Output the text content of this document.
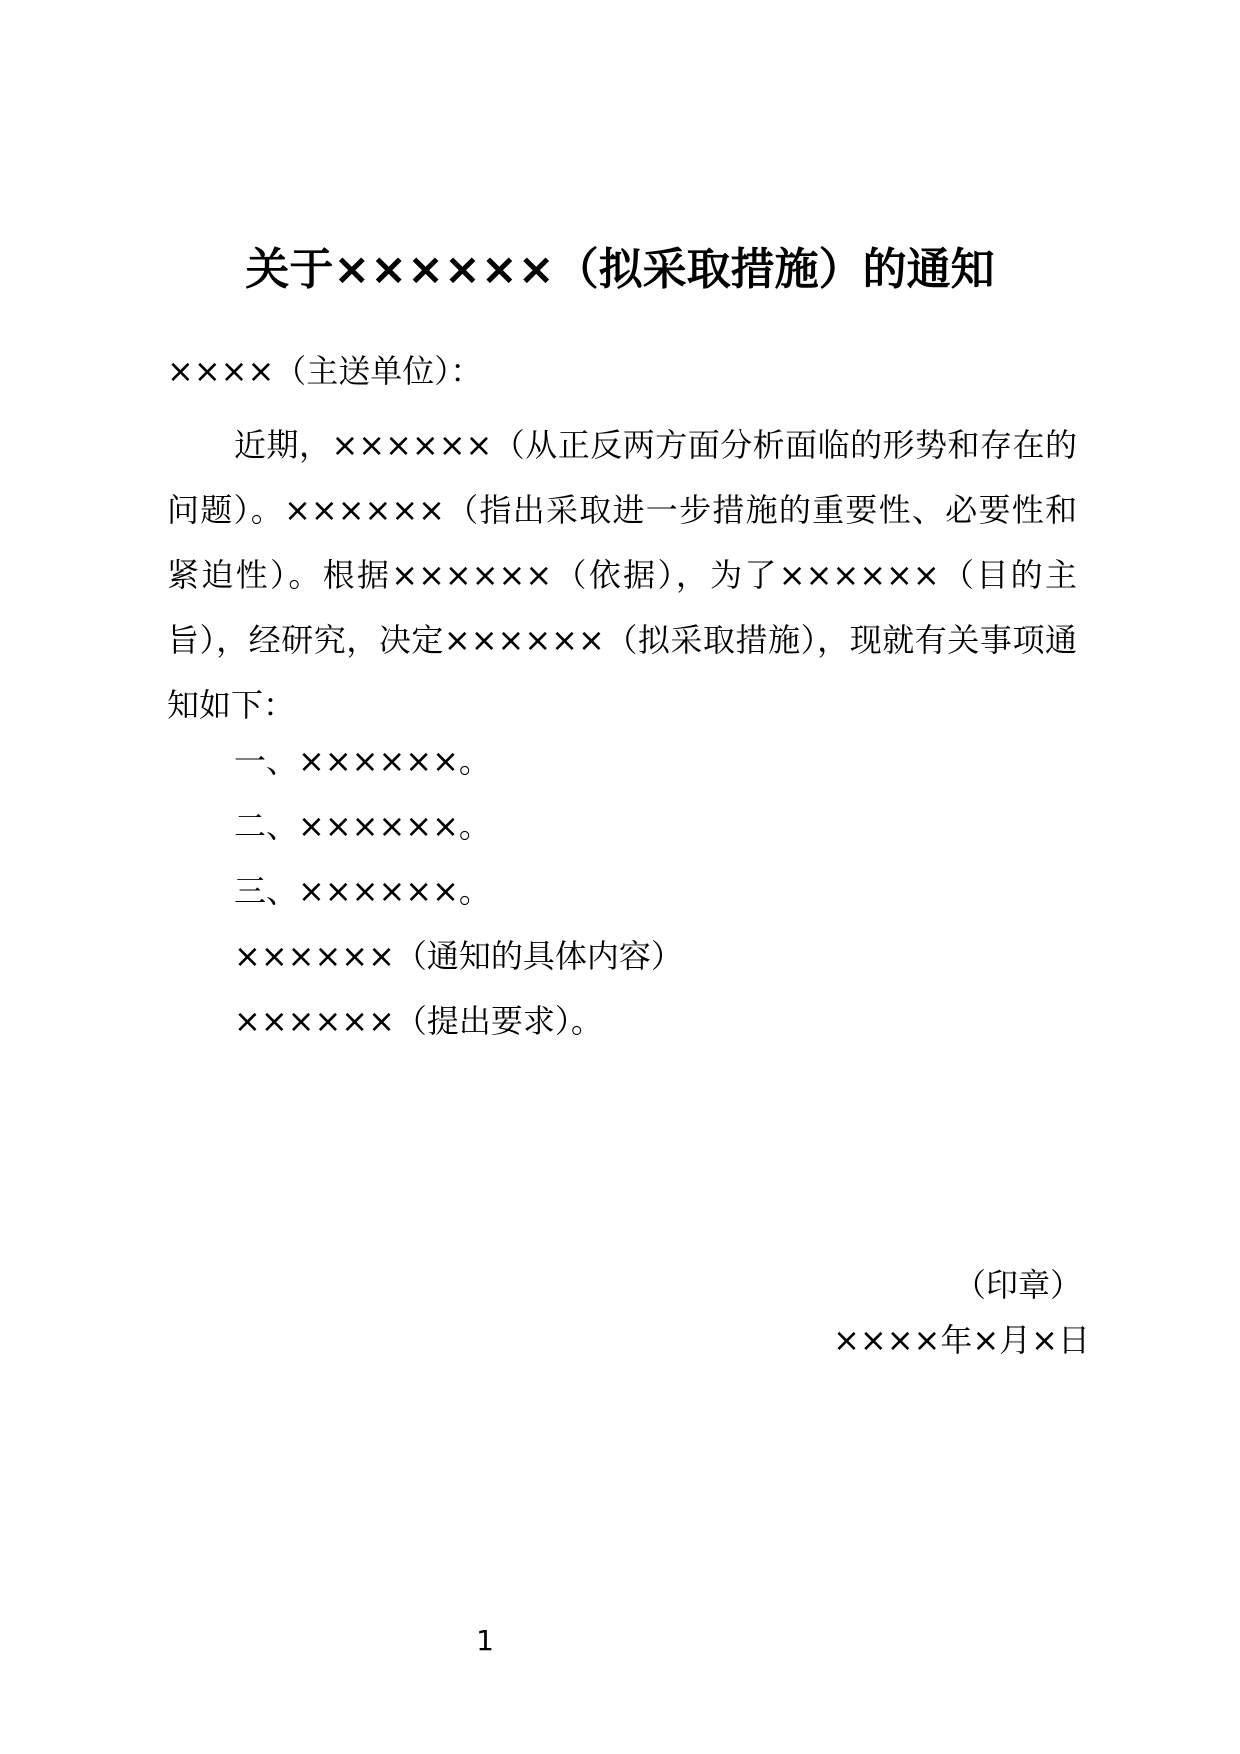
关于××××××（拟采取措施）的通知
××××（主送单位）：
近期，××××××（从正反两方面分析面临的形势和存在的问题）。××××××（指出采取进一步措施的重要性、必要性和紧迫性）。根据××××××（依据），为了××××××（目的主旨），经研究，决定××××××（拟采取措施），现就有关事项通知如下：
一、××××××。
二、××××××。
三、××××××。
××××××（通知的具体内容）
××××××（提出要求）。
（印章）
××××年×月×日
1
